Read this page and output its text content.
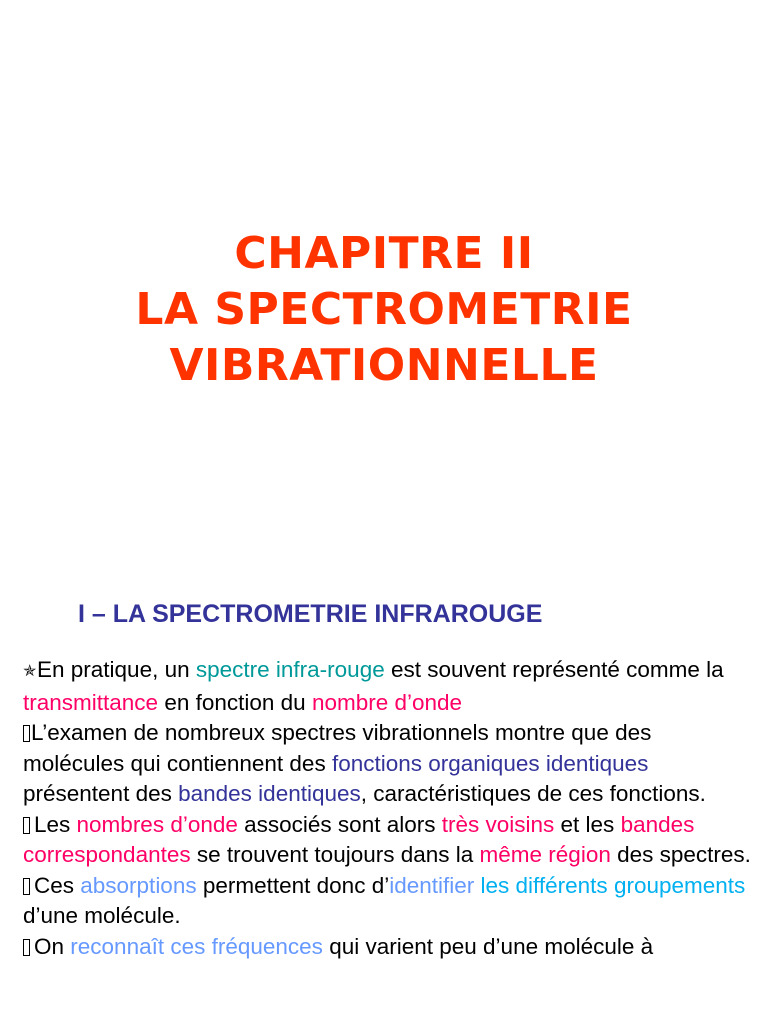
CHAPITRE II
LA SPECTROMETRIE
VIBRATIONNELLE
I – LA SPECTROMETRIE INFRAROUGE

✯En pratique, un spectre infra-rouge est souvent représenté comme la transmittance en fonction du nombre d’onde

L’examen de nombreux spectres vibrationnels montre que des molécules qui contiennent des fonctions organiques identiques présentent des bandes identiques, caractéristiques de ces fonctions.

Les nombres d’onde associés sont alors très voisins et les bandes correspondantes se trouvent toujours dans la même région des spectres.

Ces absorptions permettent donc d’identifier les différents groupements d’une molécule.

On reconnaît ces fréquences qui varient peu d’une molécule à
